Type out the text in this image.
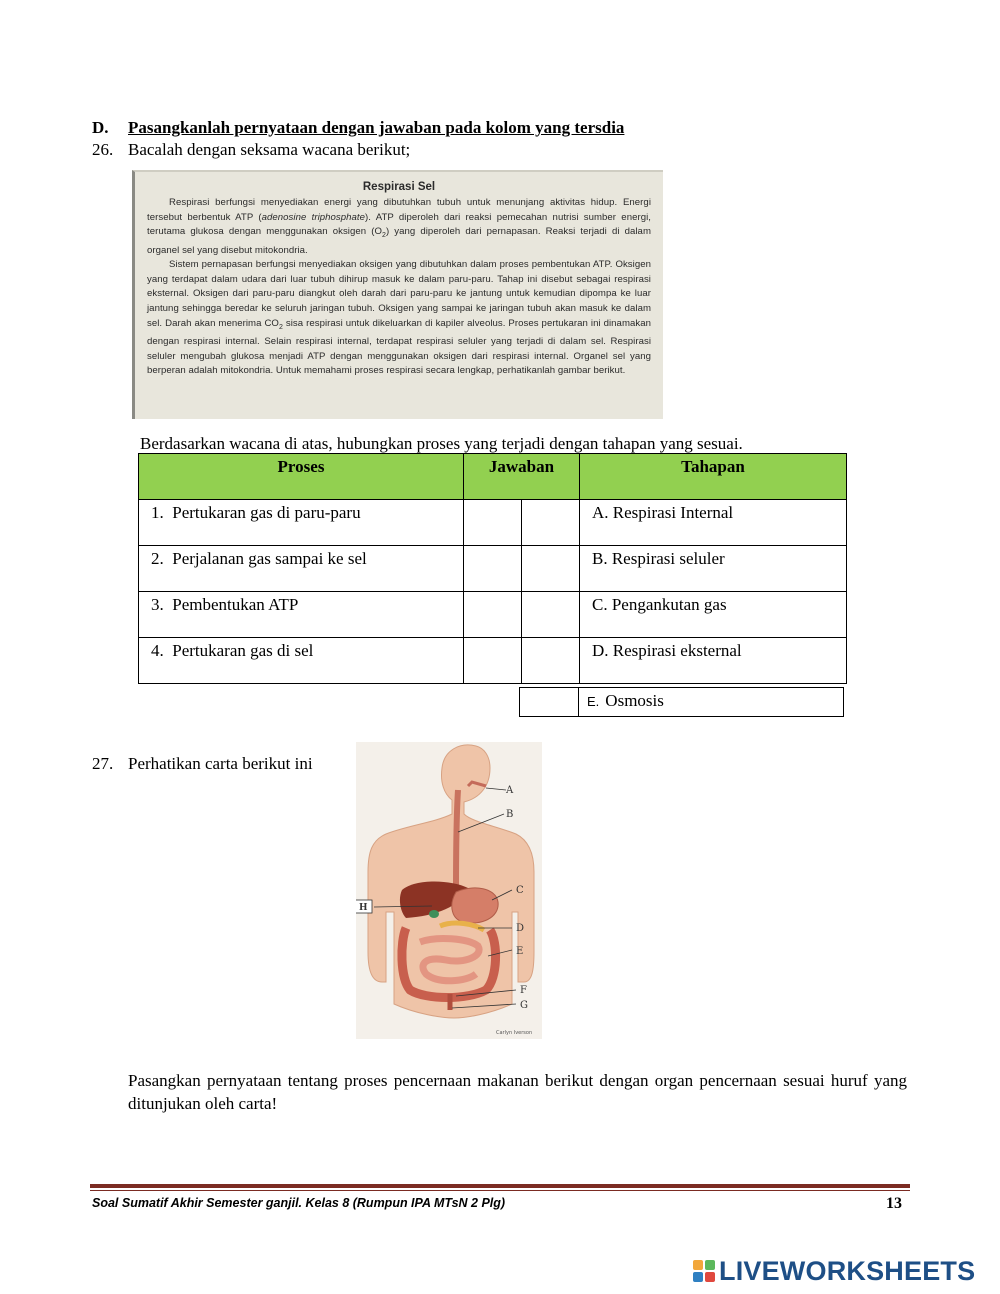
D. Pasangkanlah pernyataan dengan jawaban pada kolom yang tersdia
26. Bacalah dengan seksama wacana berikut;
Respirasi Sel

Respirasi berfungsi menyediakan energi yang dibutuhkan tubuh untuk menunjang aktivitas hidup. Energi tersebut berbentuk ATP (adenosine triphosphate). ATP diperoleh dari reaksi pemecahan nutrisi sumber energi, terutama glukosa dengan menggunakan oksigen $(O_2)$ yang diperoleh dari pernapasan. Reaksi terjadi di dalam organel sel yang disebut mitokondria.

Sistem pernapasan berfungsi menyediakan oksigen yang dibutuhkan dalam proses pembentukan ATP. Oksigen yang terdapat dalam udara dari luar tubuh dihirup masuk ke dalam paru-paru. Tahap ini disebut sebagai respirasi eksternal. Oksigen dari paru-paru diangkut oleh darah dari paru-paru ke jantung untuk kemudian dipompa ke luar jantung sehingga beredar ke seluruh jaringan tubuh. Oksigen yang sampai ke jaringan tubuh akan masuk ke dalam sel. Darah akan menerima $CO_2$ sisa respirasi untuk dikeluarkan di kapiler alveolus. Proses pertukaran ini dinamakan dengan respirasi internal. Selain respirasi internal, terdapat respirasi seluler yang terjadi di dalam sel. Respirasi seluler mengubah glukosa menjadi ATP dengan menggunakan oksigen dari respirasi internal. Organel sel yang berperan adalah mitokondria. Untuk memahami proses respirasi secara lengkap, perhatikanlah gambar berikut.

Berdasarkan wacana di atas, hubungkan proses yang terjadi dengan tahapan yang sesuai.
Proses	Jawaban		Tahapan
1. Pertukaran gas di paru-paru			A. Respirasi Internal
2. Perjalanan gas sampai ke sel			B. Respirasi seluler
3. Pembentukan ATP			C. Pengankutan gas
4. Pertukaran gas di sel			D. Respirasi eksternal
E. Osmosis
27. Perhatikan carta berikut ini
A
B
C
D
E
F
G
H
Carlyn Iverson
Pasangkan pernyataan tentang proses pencernaan makanan berikut dengan organ pencernaan sesuai huruf yang ditunjukan oleh carta!
Soal Sumatif Akhir Semester ganjil. Kelas 8 (Rumpun IPA MTsN 2 Plg)	13
LIVEWORKSHEETS
